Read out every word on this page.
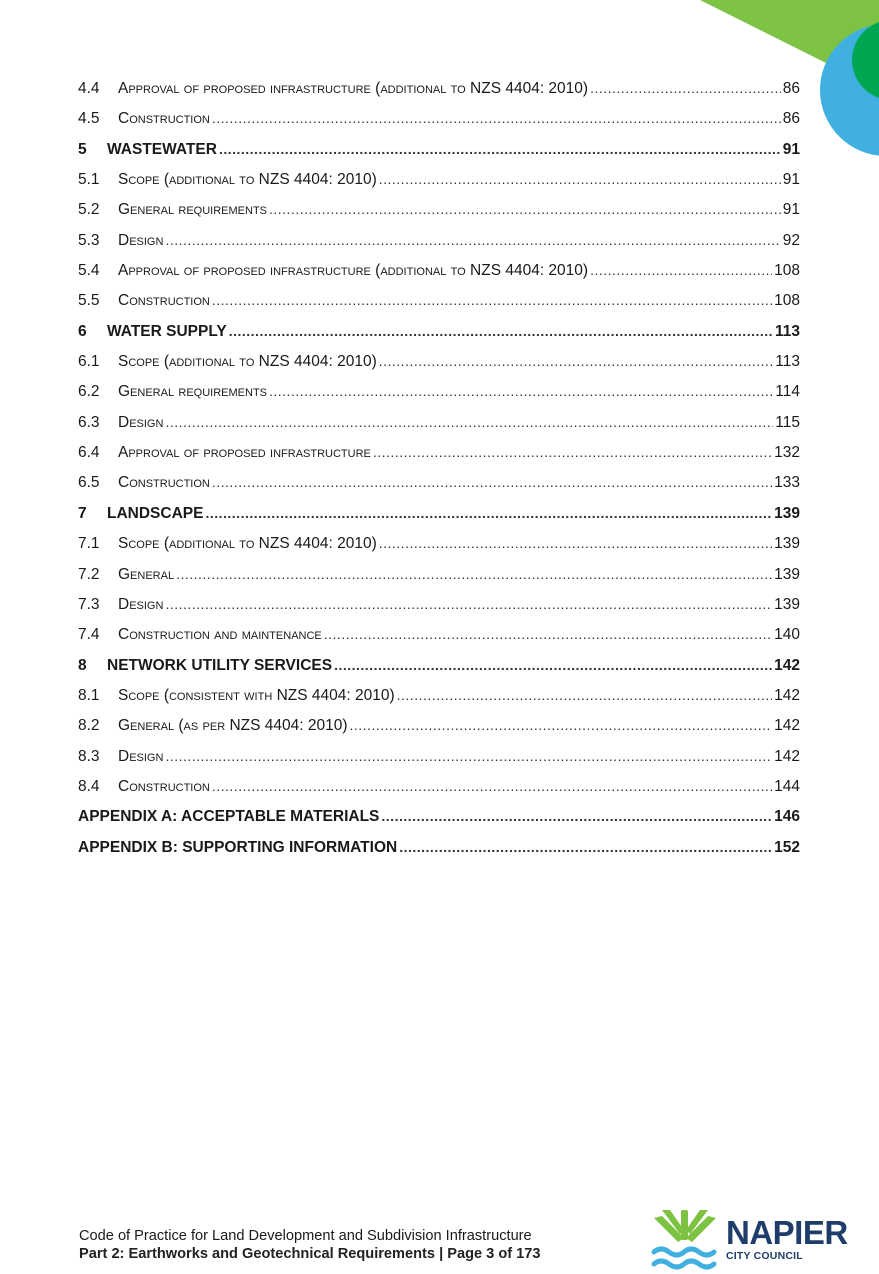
4.4	Approval of proposed infrastructure (additional to NZS 4404: 2010) .....	86
4.5	Construction .....	86
5	WASTEWATER .....	91
5.1	Scope (additional to NZS 4404: 2010) .....	91
5.2	General requirements .....	91
5.3	Design .....	92
5.4	Approval of proposed infrastructure (additional to NZS 4404: 2010) .....	108
5.5	Construction .....	108
6	WATER SUPPLY .....	113
6.1	Scope (additional to NZS 4404: 2010) .....	113
6.2	General requirements .....	114
6.3	Design .....	115
6.4	Approval of proposed infrastructure .....	132
6.5	Construction .....	133
7	LANDSCAPE .....	139
7.1	Scope (additional to NZS 4404: 2010) .....	139
7.2	General .....	139
7.3	Design .....	139
7.4	Construction and maintenance .....	140
8	NETWORK UTILITY SERVICES .....	142
8.1	Scope (consistent with NZS 4404: 2010) .....	142
8.2	General (as per NZS 4404: 2010) .....	142
8.3	Design .....	142
8.4	Construction .....	144
APPENDIX A: ACCEPTABLE MATERIALS .....	146
APPENDIX B: SUPPORTING INFORMATION .....	152
Code of Practice for Land Development and Subdivision Infrastructure
Part 2: Earthworks and Geotechnical Requirements | Page 3 of 173
NAPIER
CITY COUNCIL
